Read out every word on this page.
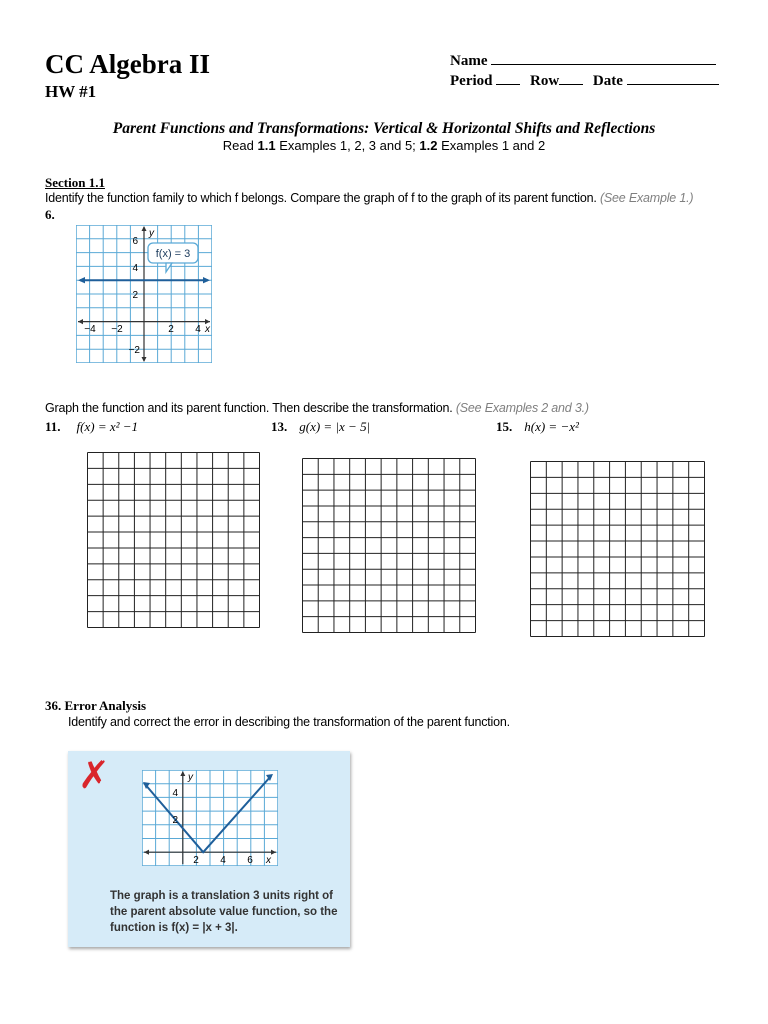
CC Algebra II
HW #1
Name
Period	Row Date
Parent Functions and Transformations: Vertical & Horizontal Shifts and Reflections
Read 1.1 Examples 1, 2, 3 and 5; 1.2 Examples 1 and 2
Section 1.1
Identify the function family to which f belongs. Compare the graph of f to the graph of its parent function. (See Example 1.)
6.
f(x) = 3
6
4
2
−2
−4 −2	2 4 x
y
Graph the function and its parent function. Then describe the transformation. (See Examples 2 and 3.)
11. f(x) = x² −1	13. g(x) = |x − 5|	15. h(x) = −x²
36. Error Analysis
Identify and correct the error in describing the transformation of the parent function.
✗	4
2
2 4 6 x
y
The graph is a translation 3 units right of
the parent absolute value function, so the
function is f(x) = |x + 3|.
